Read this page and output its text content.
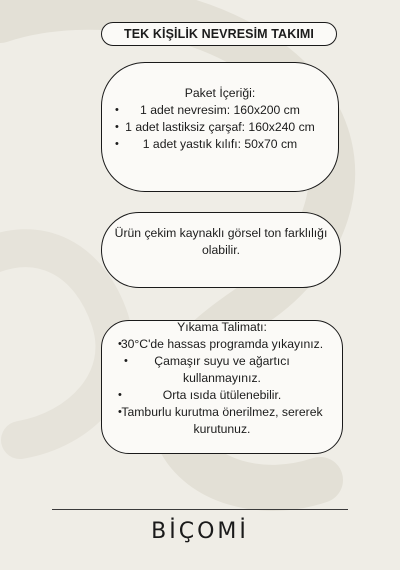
TEK KİŞİLİK NEVRESİM TAKIMI
Paket İçeriği:
• 1 adet nevresim: 160x200 cm
• 1 adet lastiksiz çarşaf: 160x240 cm
• 1 adet yastık kılıfı: 50x70 cm
Ürün çekim kaynaklı görsel ton farklılığı
olabilir.
Yıkama Talimatı:
•
30°C'de hassas programda yıkayınız.
•	Çamaşır suyu ve ağartıcı
kullanmayınız.
•	Orta ısıda ütülenebilir.
• Tamburlu kurutma önerilmez, sererek
kurutunuz.
BİÇOMİ
